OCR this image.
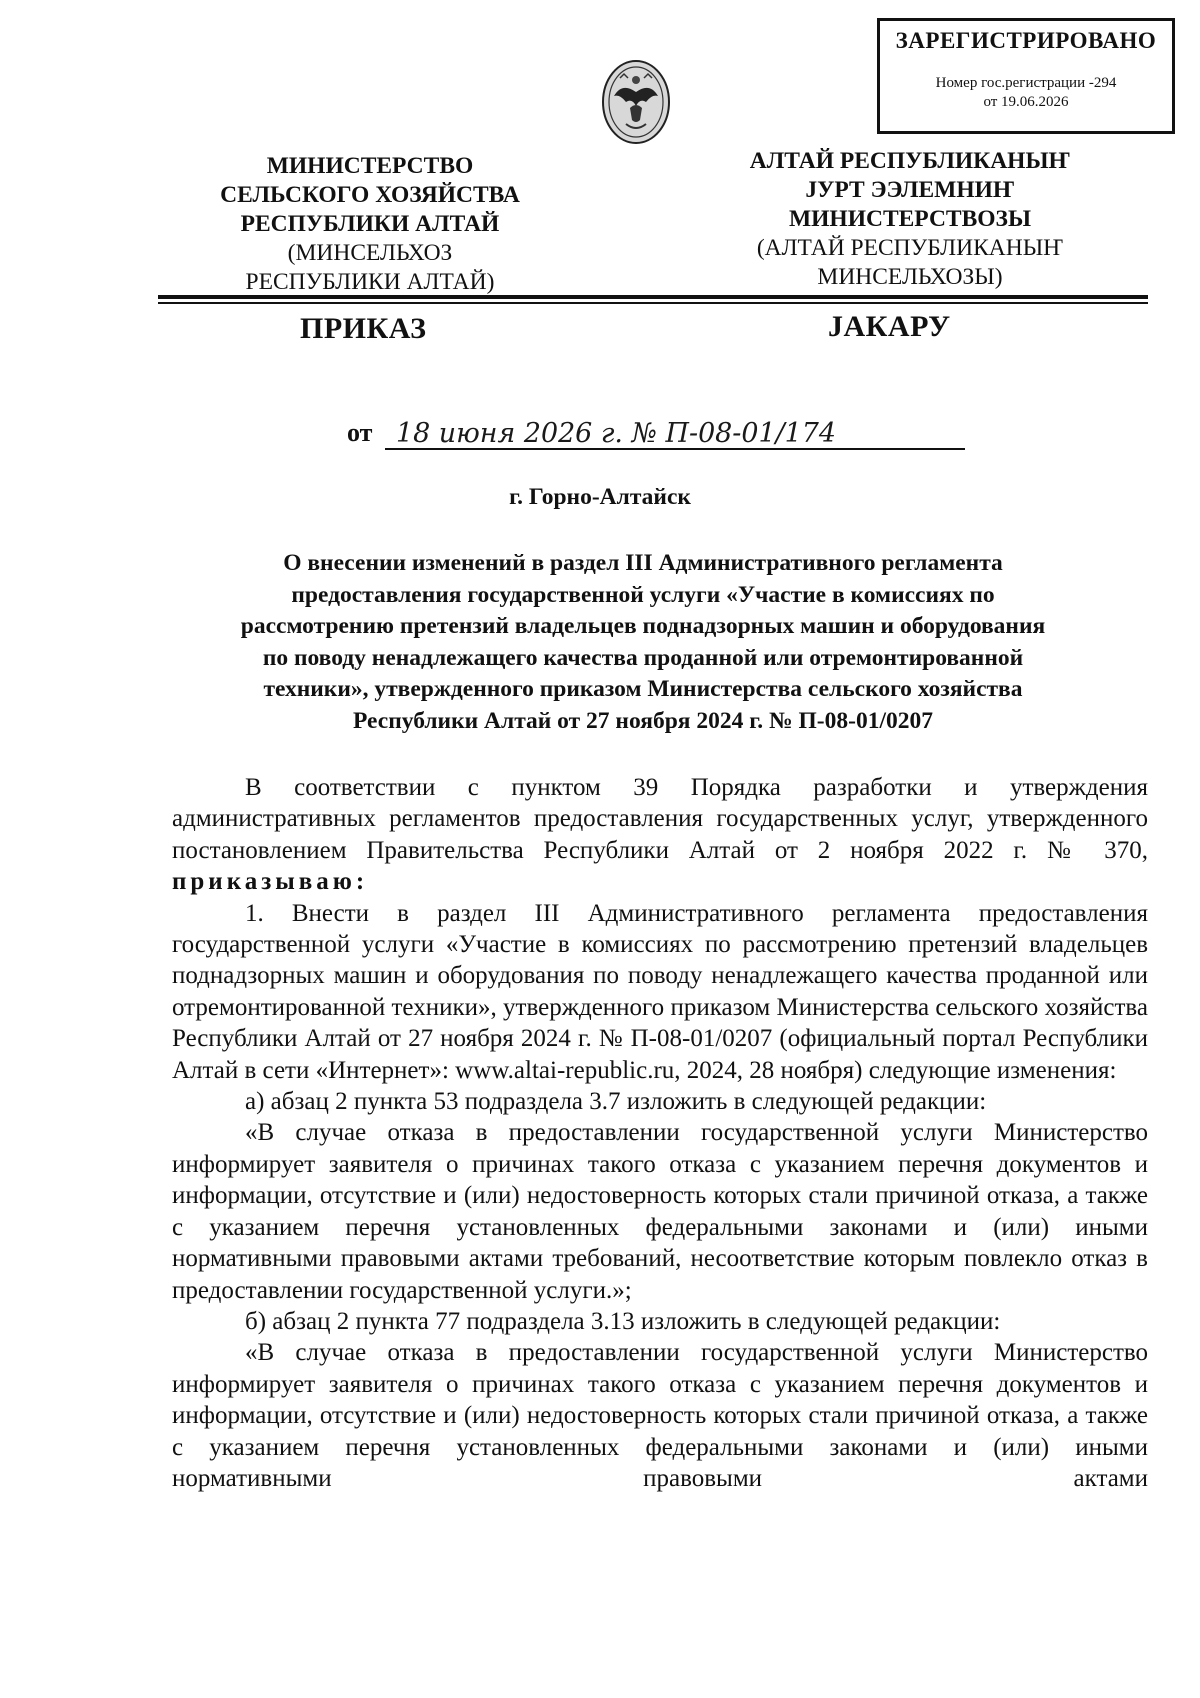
ЗАРЕГИСТРИРОВАНО
Номер гос.регистрации -294
от 19.06.2026
МИНИСТЕРСТВО
СЕЛЬСКОГО ХОЗЯЙСТВА
РЕСПУБЛИКИ АЛТАЙ
(МИНСЕЛЬХОЗ
РЕСПУБЛИКИ АЛТАЙ)
АЛТАЙ РЕСПУБЛИКАНЫҤ
ЈУРТ ЭЭЛЕМНИҤ
МИНИСТЕРСТВОЗЫ
(АЛТАЙ РЕСПУБЛИКАНЫҤ
МИНСЕЛЬХОЗЫ)
ПРИКАЗ	ЈАКАРУ
от 18 июня 2026 г. № П-08-01/174
г. Горно-Алтайск
О внесении изменений в раздел III Административного регламента
предоставления государственной услуги «Участие в комиссиях по
рассмотрению претензий владельцев поднадзорных машин и оборудования
по поводу ненадлежащего качества проданной или отремонтированной
техники», утвержденного приказом Министерства сельского хозяйства
Республики Алтай от 27 ноября 2024 г. № П-08-01/0207

В соответствии с пунктом 39 Порядка разработки и утверждения административных регламентов предоставления государственных услуг, утвержденного постановлением Правительства Республики Алтай от 2 ноября 2022 г. № 370, приказываю:

1. Внести в раздел III Административного регламента предоставления государственной услуги «Участие в комиссиях по рассмотрению претензий владельцев поднадзорных машин и оборудования по поводу ненадлежащего качества проданной или отремонтированной техники», утвержденного приказом Министерства сельского хозяйства Республики Алтай от 27 ноября 2024 г. № П-08-01/0207 (официальный портал Республики Алтай в сети «Интернет»: www.altai-republic.ru, 2024, 28 ноября) следующие изменения:

а) абзац 2 пункта 53 подраздела 3.7 изложить в следующей редакции:

«В случае отказа в предоставлении государственной услуги Министерство информирует заявителя о причинах такого отказа с указанием перечня документов и информации, отсутствие и (или) недостоверность которых стали причиной отказа, а также с указанием перечня установленных федеральными законами и (или) иными нормативными правовыми актами требований, несоответствие которым повлекло отказ в предоставлении государственной услуги.»;

б) абзац 2 пункта 77 подраздела 3.13 изложить в следующей редакции:

«В случае отказа в предоставлении государственной услуги Министерство информирует заявителя о причинах такого отказа с указанием перечня документов и информации, отсутствие и (или) недостоверность которых стали причиной отказа, а также с указанием перечня установленных федеральными законами и (или) иными нормативными правовыми актами
